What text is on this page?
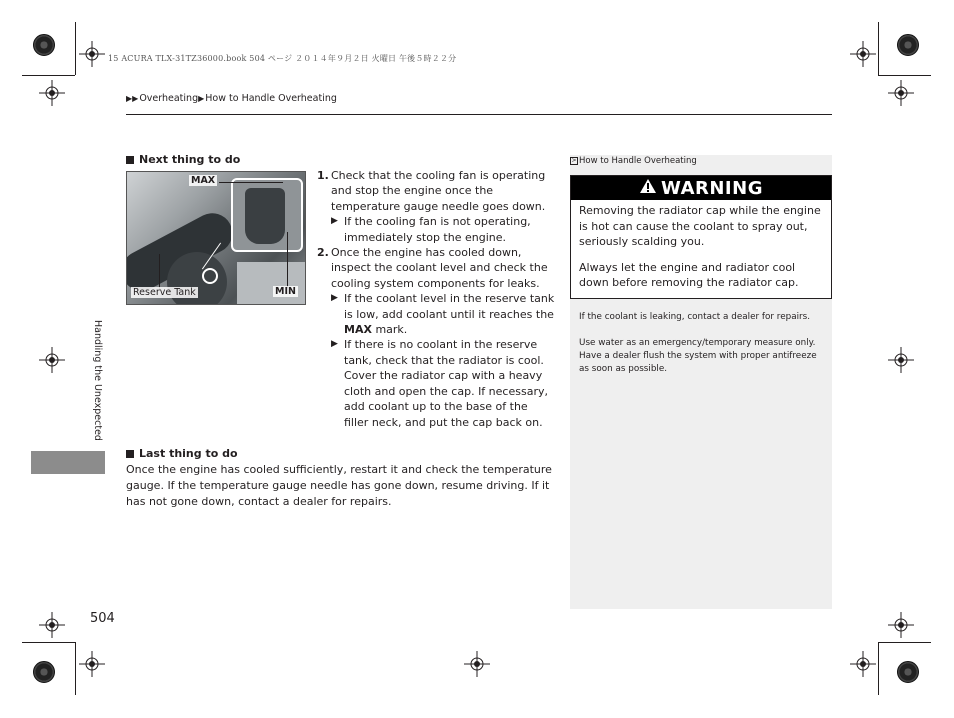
15 ACURA TLX-31TZ36000.book 504 ページ ２０１４年９月２日 火曜日 午後５時２２分
▶▶ Overheating ▶ How to Handle Overheating
Handling the Unexpected
Next thing to do
MAX
MIN
Reserve Tank
1. Check that the cooling fan is operating and stop the engine once the temperature gauge needle goes down.
▶ If the cooling fan is not operating, immediately stop the engine.
2. Once the engine has cooled down, inspect the coolant level and check the cooling system components for leaks.
▶ If the coolant level in the reserve tank is low, add coolant until it reaches the MAX mark.
▶ If there is no coolant in the reserve tank, check that the radiator is cool. Cover the radiator cap with a heavy cloth and open the cap. If necessary, add coolant up to the base of the filler neck, and put the cap back on.
Last thing to do
Once the engine has cooled sufficiently, restart it and check the temperature gauge. If the temperature gauge needle has gone down, resume driving. If it has not gone down, contact a dealer for repairs.
> How to Handle Overheating
WARNING

Removing the radiator cap while the engine is hot can cause the coolant to spray out, seriously scalding you.

Always let the engine and radiator cool down before removing the radiator cap.

If the coolant is leaking, contact a dealer for repairs.
Use water as an emergency/temporary measure only. Have a dealer flush the system with proper antifreeze as soon as possible.
504
